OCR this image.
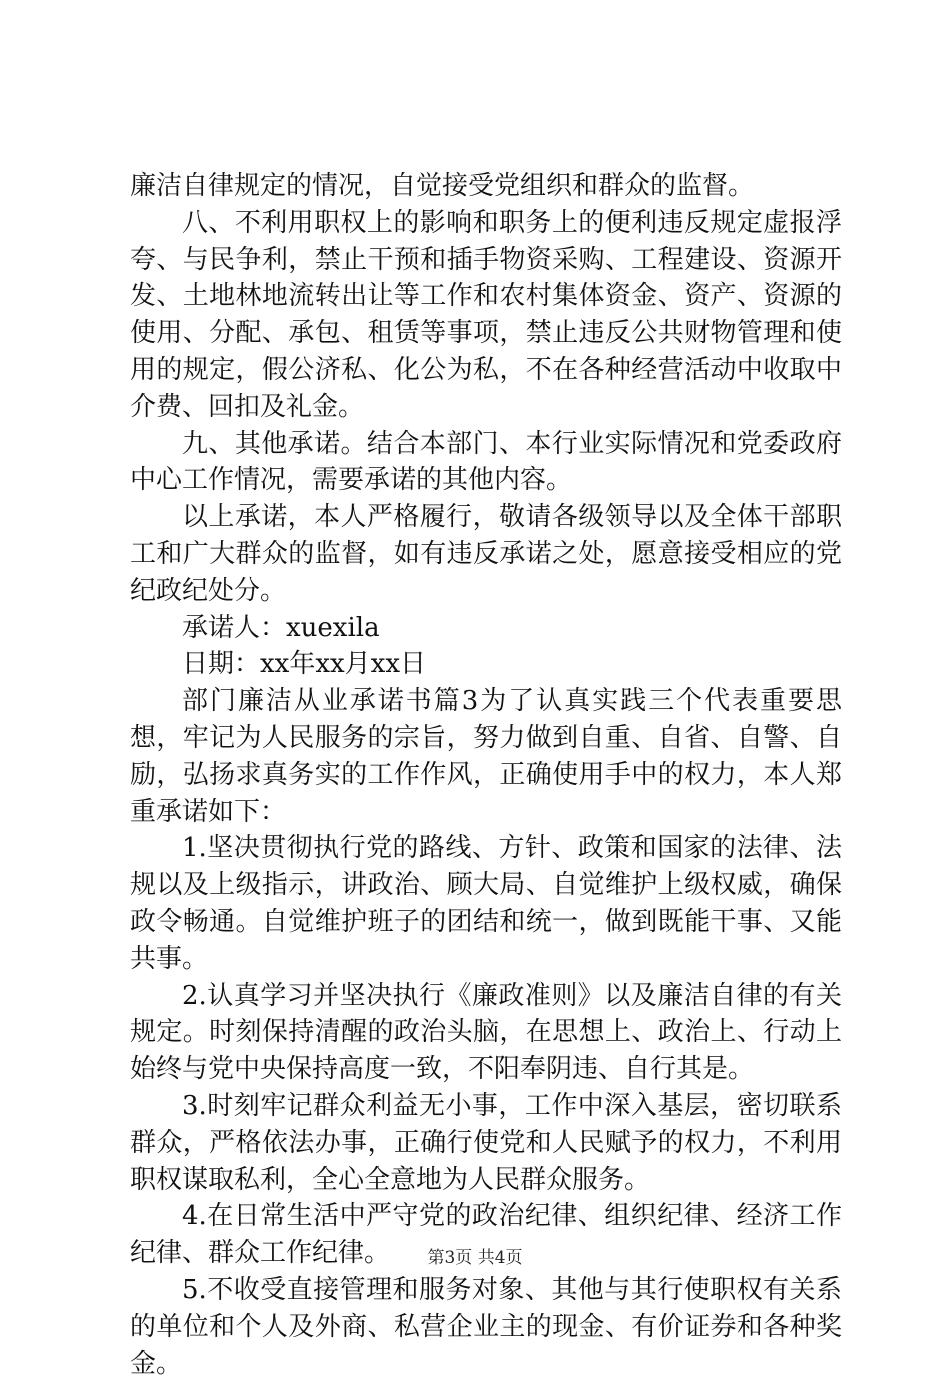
廉洁自律规定的情况，自觉接受党组织和群众的监督。

八、不利用职权上的影响和职务上的便利违反规定虚报浮夸、与民争利，禁止干预和插手物资采购、工程建设、资源开发、土地林地流转出让等工作和农村集体资金、资产、资源的使用、分配、承包、租赁等事项，禁止违反公共财物管理和使用的规定，假公济私、化公为私，不在各种经营活动中收取中介费、回扣及礼金。

九、其他承诺。结合本部门、本行业实际情况和党委政府中心工作情况，需要承诺的其他内容。

以上承诺，本人严格履行，敬请各级领导以及全体干部职工和广大群众的监督，如有违反承诺之处，愿意接受相应的党纪政纪处分。

承诺人：xuexila

日期：xx年xx月xx日

部门廉洁从业承诺书篇3为了认真实践三个代表重要思想，牢记为人民服务的宗旨，努力做到自重、自省、自警、自励，弘扬求真务实的工作作风，正确使用手中的权力，本人郑重承诺如下：

1.坚决贯彻执行党的路线、方针、政策和国家的法律、法规以及上级指示，讲政治、顾大局、自觉维护上级权威，确保政令畅通。自觉维护班子的团结和统一，做到既能干事、又能共事。

2.认真学习并坚决执行《廉政准则》以及廉洁自律的有关规定。时刻保持清醒的政治头脑，在思想上、政治上、行动上始终与党中央保持高度一致，不阳奉阴违、自行其是。

3.时刻牢记群众利益无小事，工作中深入基层，密切联系群众，严格依法办事，正确行使党和人民赋予的权力，不利用职权谋取私利，全心全意地为人民群众服务。

4.在日常生活中严守党的政治纪律、组织纪律、经济工作纪律、群众工作纪律。

5.不收受直接管理和服务对象、其他与其行使职权有关系的单位和个人及外商、私营企业主的现金、有价证券和各种奖金。

第3页 共4页
